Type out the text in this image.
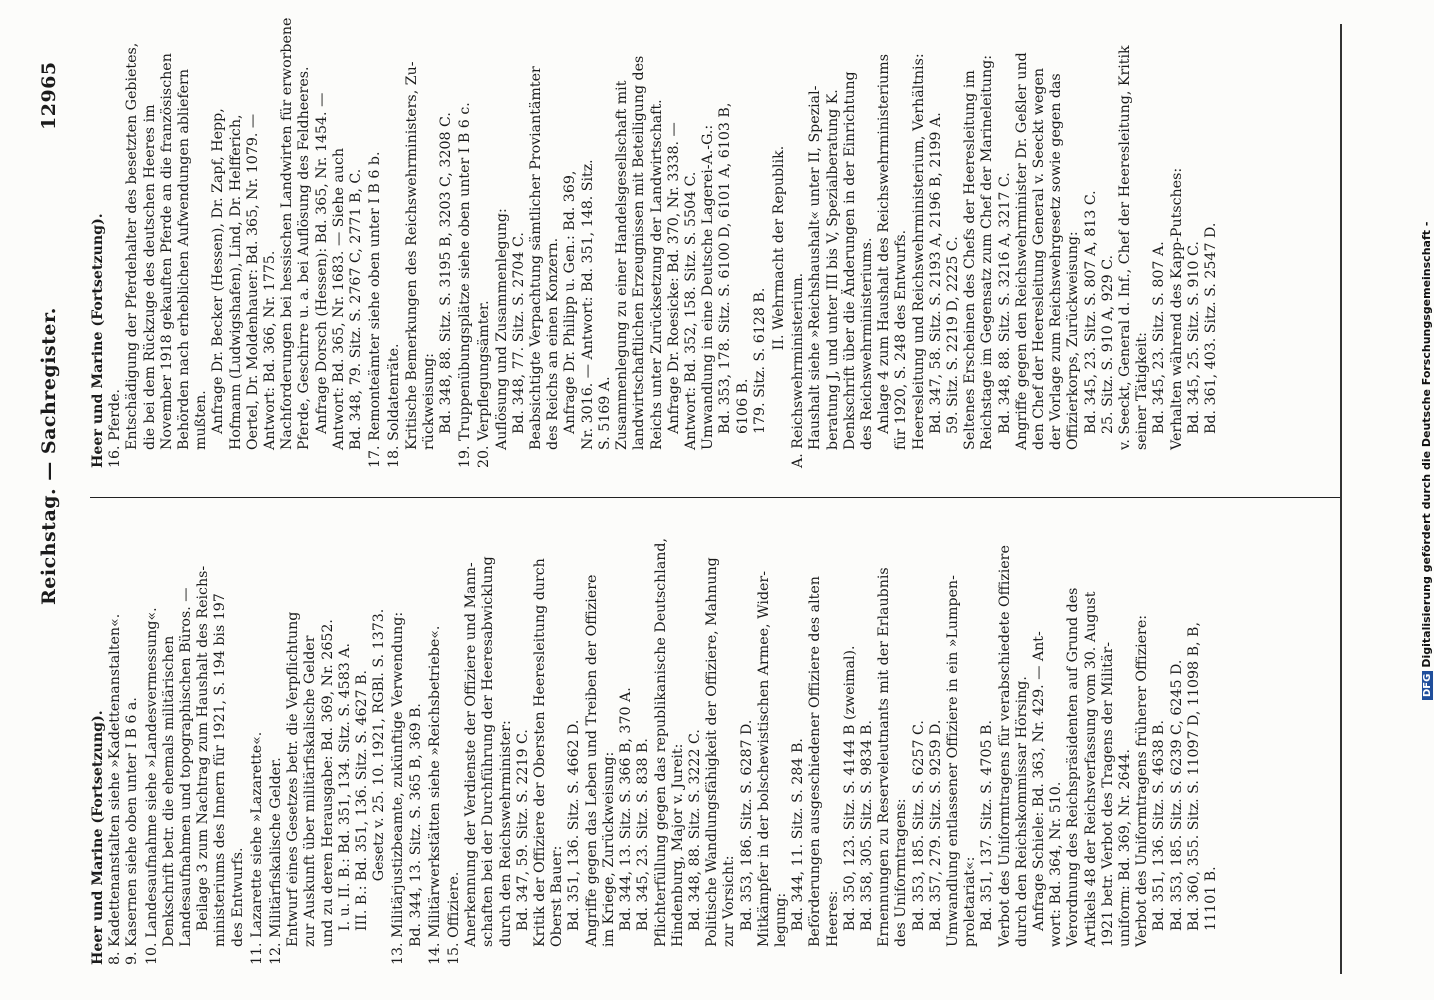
Reichstag. — Sachregister.
12965

Heer und Marine (Fortsetzung). 8. Kadettenanstalten siehe »Kadettenanstalten«. 9. Kasernen siehe oben unter I B 6 a. 10. Landesaufnahme siehe »Landesvermessung«. Denkschrift betr. die ehemals militärischen Landesaufnahmen und topographischen Büros. — Beilage 3 zum Nachtrag zum Haushalt des Reichs- ministeriums des Innern für 1921, S. 194 bis 197 des Entwurfs. 11. Lazarette siehe »Lazarette«. 12. Militärfiskalische Gelder. Entwurf eines Gesetzes betr. die Verpflichtung zur Auskunft über militärfiskalische Gelder und zu deren Herausgabe: Bd. 369, Nr. 2652. I. u. II. B.: Bd. 351, 134. Sitz. S. 4583 A. III. B.: Bd. 351, 136. Sitz. S. 4627 B. Gesetz v. 25. 10. 1921, RGBl. S. 1373. 13. Militärjustizbeamte, zukünftige Verwendung: Bd. 344, 13. Sitz. S. 365 B, 369 B. 14. Militärwerkstätten siehe »Reichsbetriebe«. 15. Offiziere. Anerkennung der Verdienste der Offiziere und Mann- schaften bei der Durchführung der Heeresabwicklung durch den Reichswehrminister: Bd. 347, 59. Sitz. S. 2219 C. Kritik der Offiziere der Obersten Heeresleitung durch Oberst Bauer: Bd. 351, 136. Sitz. S. 4662 D. Angriffe gegen das Leben und Treiben der Offiziere im Kriege, Zurückweisung: Bd. 344, 13. Sitz. S. 366 B, 370 A. Bd. 345, 23. Sitz. S. 838 B. Pflichterfüllung gegen das republikanische Deutschland, Hindenburg, Major v. Jureit: Bd. 348, 88. Sitz. S. 3222 C. Politische Wandlungsfähigkeit der Offiziere, Mahnung zur Vorsicht: Bd. 353, 186. Sitz. S. 6287 D. Mitkämpfer in der bolschewistischen Armee, Wider- legung: Bd. 344, 11. Sitz. S. 284 B. Beförderungen ausgeschiedener Offiziere des alten Heeres: Bd. 350, 123. Sitz. S. 4144 B (zweimal). Bd. 358, 305. Sitz. S. 9834 B. Ernennungen zu Reserveleutnants mit der Erlaubnis des Uniformtragens: Bd. 353, 185. Sitz. S. 6257 C. Bd. 357, 279. Sitz. S. 9259 D. Umwandlung entlassener Offiziere in ein »Lumpen- proletariat«: Bd. 351, 137. Sitz. S. 4705 B. Verbot des Uniformtragens für verabschiedete Offiziere durch den Reichskommissar Hörsing. Anfrage Schiele: Bd. 363, Nr. 429. — Ant- wort: Bd. 364, Nr. 510. Verordnung des Reichspräsidenten auf Grund des Artikels 48 der Reichsverfassung vom 30. August 1921 betr. Verbot des Tragens der Militär- uniform: Bd. 369, Nr. 2644. Verbot des Uniformtragens früherer Offiziere: Bd. 351, 136. Sitz. S. 4638 B. Bd. 353, 185. Sitz. S. 6239 C, 6245 D. Bd. 360, 355. Sitz. S. 11097 D, 11098 B, B, 11101 B.

Heer und Marine (Fortsetzung). 16. Pferde. Entschädigung der Pferdehalter des besetzten Gebietes, die bei dem Rückzuge des deutschen Heeres im November 1918 gekauften Pferde an die französischen Behörden nach erheblichen Aufwendungen abliefern mußten. Anfrage Dr. Becker (Hessen), Dr. Zapf, Hepp, Hofmann (Ludwigshafen), Lind, Dr. Helfferich, Oertel, Dr. Moldenhauer: Bd. 365, Nr. 1079. — Antwort: Bd. 366, Nr. 1775. Nachforderungen bei hessischen Landwirten für erworbene Pferde, Geschirre u. a. bei Auflösung des Feldheeres. Anfrage Dorsch (Hessen): Bd. 365, Nr. 1454. — Antwort: Bd. 365, Nr. 1683. — Siehe auch Bd. 348, 79. Sitz. S. 2767 C, 2771 B, C. 17. Remonteämter siehe oben unter I B 6 b. 18. Soldatenräte. Kritische Bemerkungen des Reichswehrministers, Zu- rückweisung: Bd. 348, 88. Sitz. S. 3195 B, 3203 C, 3208 C. 19. Truppenübungsplätze siehe oben unter I B 6 c. 20. Verpflegungsämter. Auflösung und Zusammenlegung: Bd. 348, 77. Sitz. S. 2704 C. Beabsichtigte Verpachtung sämtlicher Proviantämter des Reichs an einen Konzern. Anfrage Dr. Philipp u. Gen.: Bd. 369, Nr. 3016. — Antwort: Bd. 351, 148. Sitz. S. 5169 A. Zusammenlegung zu einer Handelsgesellschaft mit landwirtschaftlichen Erzeugnissen mit Beteiligung des Reichs unter Zurücksetzung der Landwirtschaft. Anfrage Dr. Roesicke: Bd. 370, Nr. 3338. — Antwort: Bd. 352, 158. Sitz. S. 5504 C. Umwandlung in eine Deutsche Lagerei-A.-G.: Bd. 353, 178. Sitz. S. 6100 D, 6101 A, 6103 B, 6106 B. 179. Sitz. S. 6128 B.

II. Wehrmacht der Republik.

A. Reichswehrministerium. Haushalt siehe »Reichshaushalt« unter II, Spezial- beratung J, und unter III bis V, Spezialberatung K. Denkschrift über die Änderungen in der Einrichtung des Reichswehrministeriums. Anlage 4 zum Haushalt des Reichswehrministeriums für 1920, S. 248 des Entwurfs. Heeresleitung und Reichswehrministerium, Verhältnis: Bd. 347, 58. Sitz. S. 2193 A, 2196 B, 2199 A. 59. Sitz. S. 2219 D, 2225 C. Seltenes Erscheinen des Chefs der Heeresleitung im Reichstage im Gegensatz zum Chef der Marineleitung: Bd. 348, 88. Sitz. S. 3216 A, 3217 C. Angriffe gegen den Reichswehrminister Dr. Geßler und den Chef der Heeresleitung General v. Seeckt wegen der Vorlage zum Reichswehrgesetz sowie gegen das Offizierkorps, Zurückweisung: Bd. 345, 23. Sitz. S. 807 A, 813 C. 25. Sitz. S. 910 A, 929 C. v. Seeckt, General d. Inf., Chef der Heeresleitung, Kritik seiner Tätigkeit: Bd. 345, 23. Sitz. S. 807 A. Verhalten während des Kapp-Putsches: Bd. 345, 25. Sitz. S. 910 C. Bd. 361, 403. Sitz. S. 2547 D.

DFGDigitalisierung gefördert durch die Deutsche Forschungsgemeinschaft -
